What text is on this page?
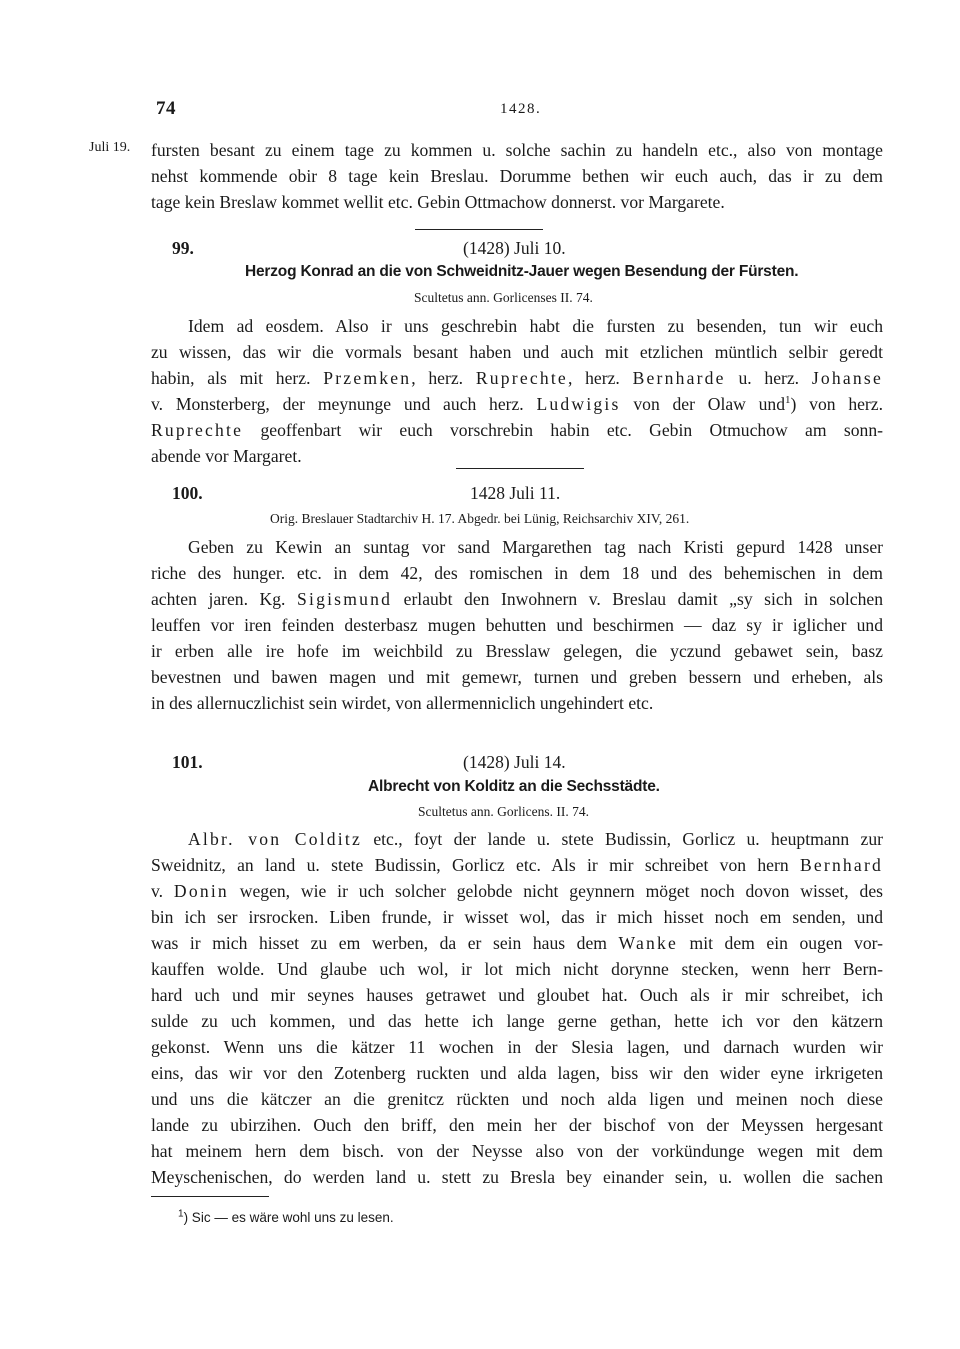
74	1428.
Juli 19. fursten besant zu einem tage zu kommen u. solche sachin zu handeln etc., also von montage
nehst kommende obir 8 tage kein Breslau. Dorumme bethen wir euch auch, das ir zu dem
tage kein Breslaw kommet wellit etc. Gebin Ottmachow donnerst. vor Margarete.
99.	(1428) Juli 10.
Herzog Konrad an die von Schweidnitz-Jauer wegen Besendung der Fürsten.
Scultetus ann. Gorlicenses II. 74.
Idem ad eosdem. Also ir uns geschrebin habt die fursten zu besenden, tun wir euch
zu wissen, das wir die vormals besant haben und auch mit etzlichen müntlich selbir geredt
habin, als mit herz. Przemken, herz. Ruprechte, herz. Bernharde u. herz. Johanse
v. Monsterberg, der meynunge und auch herz. Ludwigis von der Olaw und$^1$) von herz.
Ruprechte geoffenbart wir euch vorschrebin habin etc. Gebin Otmuchow am sonn-
abende vor Margaret.
100.	1428 Juli 11.
Orig. Breslauer Stadtarchiv H. 17. Abgedr. bei Lünig, Reichsarchiv XIV, 261.
Geben zu Kewin an suntag vor sand Margarethen tag nach Kristi gepurd 1428 unser
riche des hunger. etc. in dem 42, des romischen in dem 18 und des behemischen in dem
achten jaren. Kg. Sigismund erlaubt den Inwohnern v. Breslau damit „sy sich in solchen
leuffen vor iren feinden desterbasz mugen behutten und beschirmen — daz sy ir iglicher und
ir erben alle ire hofe im weichbild zu Bresslaw gelegen, die yczund gebawet sein, basz
bevestnen und bawen magen und mit gemewr, turnen und greben bessern und erheben, als
in des allernuczlichist sein wirdet, von allermenniclich ungehindert etc.
101.	(1428) Juli 14.
Albrecht von Kolditz an die Sechsstädte.
Scultetus ann. Gorlicens. II. 74.
Albr. von Colditz etc., foyt der lande u. stete Budissin, Gorlicz u. heuptmann zur
Sweidnitz, an land u. stete Budissin, Gorlicz etc. Als ir mir schreibet von hern Bernhard
v. Donin wegen, wie ir uch solcher gelobde nicht geynnern möget noch dovon wisset, des
bin ich ser irsrocken. Liben frunde, ir wisset wol, das ir mich hisset noch em senden, und
was ir mich hisset zu em werben, da er sein haus dem Wanke mit dem ein ougen vor-
kauffen wolde. Und glaube uch wol, ir lot mich nicht dorynne stecken, wenn herr Bern-
hard uch und mir seynes hauses getrawet und gloubet hat. Ouch als ir mir schreibet, ich
sulde zu uch kommen, und das hette ich lange gerne gethan, hette ich vor den kätzern
gekonst. Wenn uns die kätzer 11 wochen in der Slesia lagen, und darnach wurden wir
eins, das wir vor den Zotenberg ruckten und alda lagen, biss wir den wider eyne irkrigeten
und uns die kätczer an die grenitcz rückten und noch alda ligen und meinen noch diese
lande zu ubirzihen. Ouch den briff, den mein her der bischof von der Meyssen hergesant
hat meinem hern dem bisch. von der Neysse also von der vorkündunge wegen mit dem
Meyschenischen, do werden land u. stett zu Bresla bey einander sein, u. wollen die sachen
$^1$) Sic — es wäre wohl uns zu lesen.
